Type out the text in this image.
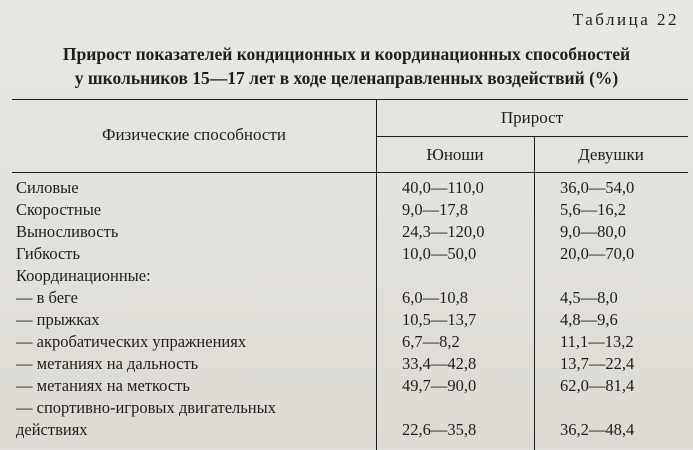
Таблица 22
Прирост показателей кондиционных и координационных способностей
у школьников 15—17 лет в ходе целенаправленных воздействий (%)
Физические способности
Прирост
Юноши	Девушки
Силовые	40,0—110,0	36,0—54,0
Скоростные	9,0—17,8	5,6—16,2
Выносливость	24,3—120,0	9,0—80,0
Гибкость	10,0—50,0	20,0—70,0
Координационные:
— в беге	6,0—10,8	4,5—8,0
— прыжках	10,5—13,7	4,8—9,6
— акробатических упражнениях	6,7—8,2	11,1—13,2
— метаниях на дальность	33,4—42,8	13,7—22,4
— метаниях на меткость	49,7—90,0	62,0—81,4
— спортивно-игровых двигательных
действиях	22,6—35,8	36,2—48,4
